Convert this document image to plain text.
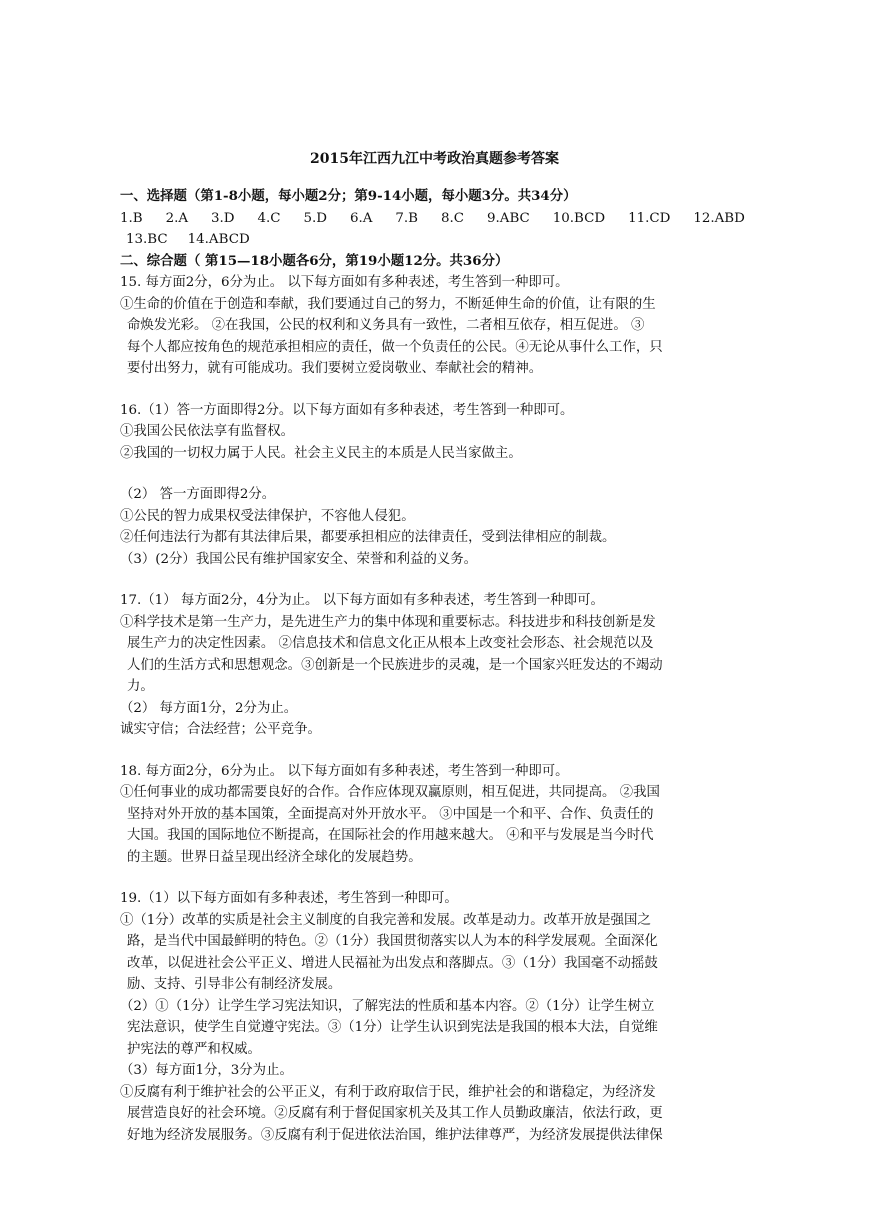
2015年江西九江中考政治真题参考答案
一、选择题（第1-8小题，每小题2分；第9-14小题，每小题3分。共34分）
1.B 2.A 3.D 4.C 5.D 6.A 7.B 8.C 9.ABC 10.BCD 11.CD 12.ABD
13.BC 14.ABCD
二、综合题（ 第15—18小题各6分，第19小题12分。共36分）
15. 每方面2分，6分为止。 以下每方面如有多种表述，考生答到一种即可。
①生命的价值在于创造和奉献，我们要通过自己的努力，不断延伸生命的价值，让有限的生
命焕发光彩。 ②在我国，公民的权利和义务具有一致性，二者相互依存，相互促进。 ③
每个人都应按角色的规范承担相应的责任，做一个负责任的公民。④无论从事什么工作，只
要付出努力，就有可能成功。我们要树立爱岗敬业、奉献社会的精神。
16.（1）答一方面即得2分。以下每方面如有多种表述，考生答到一种即可。
①我国公民依法享有监督权。
②我国的一切权力属于人民。社会主义民主的本质是人民当家做主。
（2） 答一方面即得2分。
①公民的智力成果权受法律保护，不容他人侵犯。
②任何违法行为都有其法律后果，都要承担相应的法律责任，受到法律相应的制裁。
（3）(2分）我国公民有维护国家安全、荣誉和利益的义务。
17.（1） 每方面2分，4分为止。 以下每方面如有多种表述，考生答到一种即可。
①科学技术是第一生产力，是先进生产力的集中体现和重要标志。科技进步和科技创新是发
展生产力的决定性因素。 ②信息技术和信息文化正从根本上改变社会形态、社会规范以及
人们的生活方式和思想观念。③创新是一个民族进步的灵魂，是一个国家兴旺发达的不竭动
力。
（2） 每方面1分，2分为止。
诚实守信；合法经营；公平竞争。
18. 每方面2分，6分为止。 以下每方面如有多种表述，考生答到一种即可。
①任何事业的成功都需要良好的合作。合作应体现双赢原则，相互促进，共同提高。 ②我国
坚持对外开放的基本国策，全面提高对外开放水平。 ③中国是一个和平、合作、负责任的
大国。我国的国际地位不断提高，在国际社会的作用越来越大。 ④和平与发展是当今时代
的主题。世界日益呈现出经济全球化的发展趋势。
19.（1）以下每方面如有多种表述，考生答到一种即可。
①（1分）改革的实质是社会主义制度的自我完善和发展。改革是动力。改革开放是强国之
路，是当代中国最鲜明的特色。②（1分）我国贯彻落实以人为本的科学发展观。全面深化
改革，以促进社会公平正义、增进人民福祉为出发点和落脚点。③（1分）我国毫不动摇鼓
励、支持、引导非公有制经济发展。
（2）①（1分）让学生学习宪法知识，了解宪法的性质和基本内容。②（1分）让学生树立
宪法意识，使学生自觉遵守宪法。③（1分）让学生认识到宪法是我国的根本大法，自觉维
护宪法的尊严和权威。
（3）每方面1分，3分为止。
①反腐有利于维护社会的公平正义，有利于政府取信于民，维护社会的和谐稳定，为经济发
展营造良好的社会环境。②反腐有利于督促国家机关及其工作人员勤政廉洁，依法行政，更
好地为经济发展服务。③反腐有利于促进依法治国，维护法律尊严，为经济发展提供法律保
